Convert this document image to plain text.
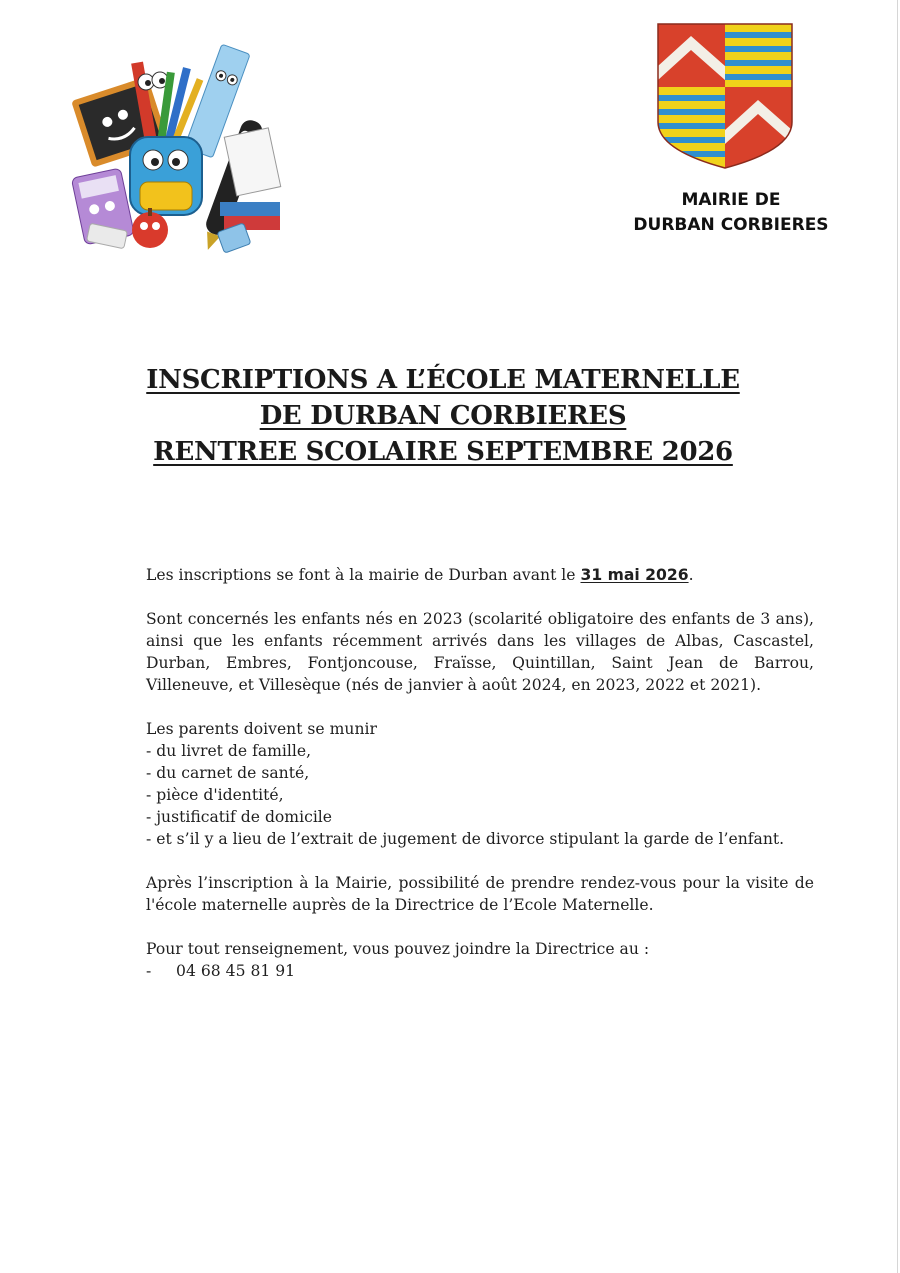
MAIRIE DE
DURBAN CORBIERES
INSCRIPTIONS A L’ÉCOLE MATERNELLE
DE DURBAN CORBIERES
RENTREE SCOLAIRE SEPTEMBRE 2026

Les inscriptions se font à la mairie de Durban avant le 31 mai 2026.

Sont concernés les enfants nés en 2023 (scolarité obligatoire des enfants de 3 ans), ainsi que les enfants récemment arrivés dans les villages de Albas, Cascastel, Durban, Embres, Fontjoncouse, Fraïsse, Quintillan, Saint Jean de Barrou, Villeneuve, et Villesèque (nés de janvier à août 2024, en 2023, 2022 et 2021).

Les parents doivent se munir

- du livret de famille,

- du carnet de santé,

- pièce d'identité,

- justificatif de domicile

- et s’il y a lieu de l’extrait de jugement de divorce stipulant la garde de l’enfant.

Après l’inscription à la Mairie, possibilité de prendre rendez-vous pour la visite de l'école maternelle auprès de la Directrice de l’Ecole Maternelle.

Pour tout renseignement, vous pouvez joindre la Directrice au :

-     04 68 45 81 91
